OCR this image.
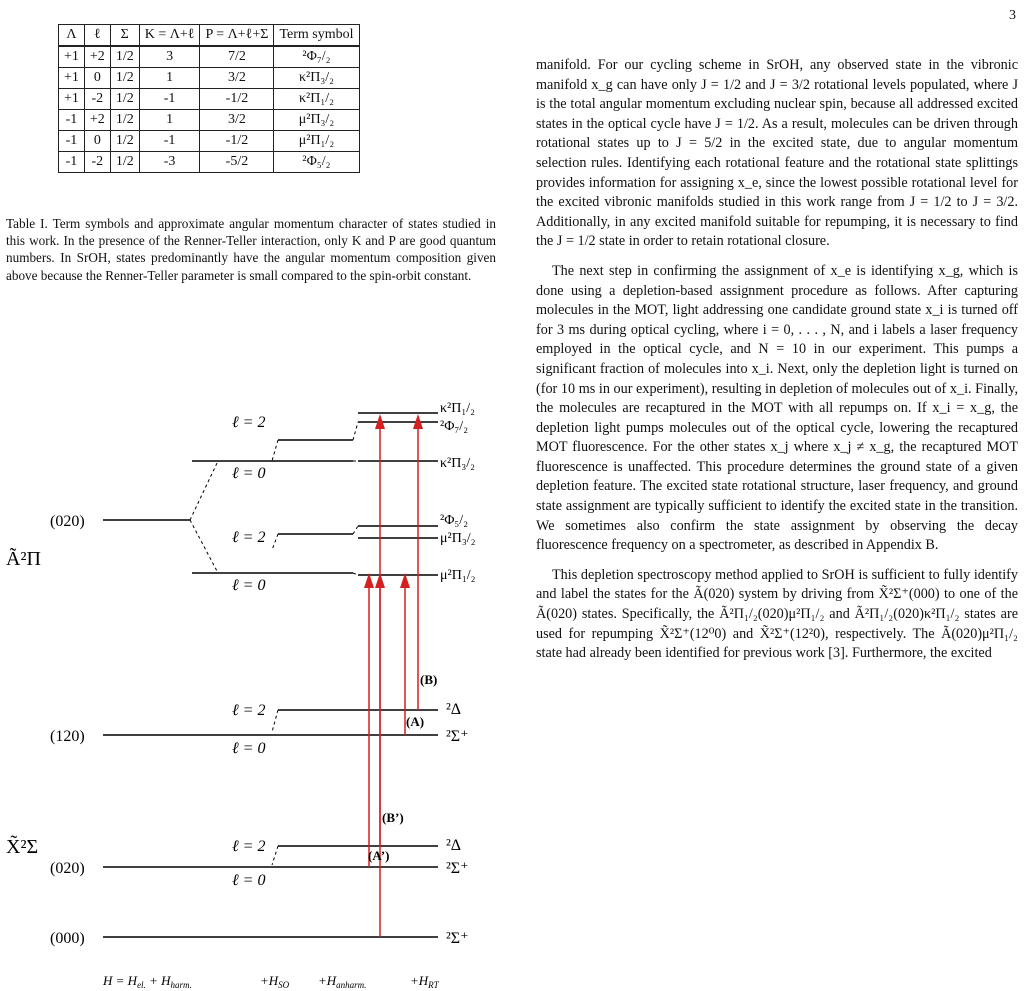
3
Λ	ℓ	Σ	K = Λ+ℓ	P = Λ+ℓ+Σ	Term symbol
+1	+2	1/2	3	7/2	²Φ₇/₂
+1	0	1/2	1	3/2	κ²Π₃/₂
+1	-2	1/2	-1	-1/2	κ²Π₁/₂
-1	+2	1/2	1	3/2	μ²Π₃/₂
-1	0	1/2	-1	-1/2	μ²Π₁/₂
-1	-2	1/2	-3	-5/2	²Φ₅/₂
Table I. Term symbols and approximate angular momentum character of states studied in this work. In the presence of the Renner-Teller interaction, only K and P are good quantum numbers. In SrOH, states predominantly have the angular momentum composition given above because the Renner-Teller parameter is small compared to the spin-orbit constant.
(020)
(120)
(020)
(000)
Ã²Π
X̃²Σ
ℓ = 2
ℓ = 0
ℓ = 2
ℓ = 0
ℓ = 2
ℓ = 0
ℓ = 2
ℓ = 0
κ²Π₁/₂
²Φ₇/₂
κ²Π₃/₂
²Φ₅/₂
μ²Π₃/₂
μ²Π₁/₂
²Δ
²Σ⁺
²Δ
²Σ⁺
²Σ⁺
(B)
(A)
(B’)
(A’)
$H = H_{el.} + H_{harm.}$	$+H_{SO} +H_{anharm.}$	$+H_{RT}$

manifold. For our cycling scheme in SrOH, any observed state in the vibronic manifold x_g can have only J = 1/2 and J = 3/2 rotational levels populated, where J is the total angular momentum excluding nuclear spin, because all addressed excited states in the optical cycle have J = 1/2. As a result, molecules can be driven through rotational states up to J = 5/2 in the excited state, due to angular momentum selection rules. Identifying each rotational feature and the rotational state splittings provides information for assigning x_e, since the lowest possible rotational level for the excited vibronic manifolds studied in this work range from J = 1/2 to J = 3/2. Additionally, in any excited manifold suitable for repumping, it is necessary to find the J = 1/2 state in order to retain rotational closure.

The next step in confirming the assignment of x_e is identifying x_g, which is done using a depletion-based assignment procedure as follows. After capturing molecules in the MOT, light addressing one candidate ground state x_i is turned off for 3 ms during optical cycling, where i = 0, . . . , N, and i labels a laser frequency employed in the optical cycle, and N = 10 in our experiment. This pumps a significant fraction of molecules into x_i. Next, only the depletion light is turned on (for 10 ms in our experiment), resulting in depletion of molecules out of x_i. Finally, the molecules are recaptured in the MOT with all repumps on. If x_i = x_g, the depletion light pumps molecules out of the optical cycle, lowering the recaptured MOT fluorescence. For the other states x_j where x_j ≠ x_g, the recaptured MOT fluorescence is unaffected. This procedure determines the ground state of a given depletion feature. The excited state rotational structure, laser frequency, and ground state assignment are typically sufficient to identify the excited state in the transition. We sometimes also confirm the state assignment by observing the decay fluorescence frequency on a spectrometer, as described in Appendix B.

This depletion spectroscopy method applied to SrOH is sufficient to fully identify and label the states for the Ã(020) system by driving from X̃²Σ⁺(000) to one of the Ã(020) states. Specifically, the Ã²Π₁/₂(020)μ²Π₁/₂ and Ã²Π₁/₂(020)κ²Π₁/₂ states are used for repumping X̃²Σ⁺(12⁰0) and X̃²Σ⁺(12²0), respectively. The Ã(020)μ²Π₁/₂ state had already been identified for previous work [3]. Furthermore, the excited
